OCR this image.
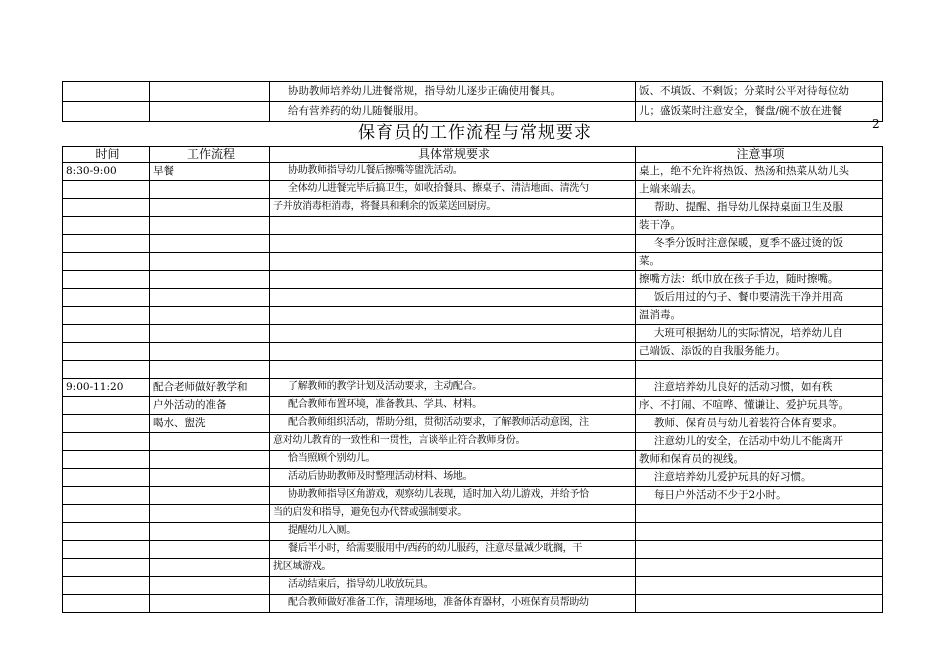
2
		协助教师培养幼儿进餐常规，指导幼儿逐步正确使用餐具。	饭、不填饭、不剩饭；分菜时公平对待每位幼
		给有营养药的幼儿随餐服用。	儿；盛饭菜时注意安全，餐盘/碗不放在进餐
保育员的工作流程与常规要求
时间	工作流程	具体常规要求	注意事项
8:30-9:00	早餐	协助教师指导幼儿餐后擦嘴等盥洗活动。	桌上，绝不允许将热饭、热汤和热菜从幼儿头
		全体幼儿进餐完毕后搞卫生，如收拾餐具、擦桌子、清洁地面、清洗勺	上端来端去。
		子并放消毒柜消毒，将餐具和剩余的饭菜送回厨房。	帮助、提醒、指导幼儿保持桌面卫生及服
			装干净。
			冬季分饭时注意保暖，夏季不盛过烫的饭
			菜。
			擦嘴方法：纸巾放在孩子手边，随时擦嘴。
			饭后用过的勺子、餐巾要清洗干净并用高
			温消毒。
			大班可根据幼儿的实际情况，培养幼儿自
			己端饭、添饭的自我服务能力。

9:00-11:20	配合老师做好教学和	了解教师的教学计划及活动要求，主动配合。	注意培养幼儿良好的活动习惯，如有秩
	户外活动的准备	配合教师布置环境，准备教具、学具、材料。	序、不打闹、不喧哗、懂谦让、爱护玩具等。
	喝水、盥洗	配合教师组织活动，帮助分组，贯彻活动要求，了解教师活动意图，注	教师、保育员与幼儿着装符合体育要求。
		意对幼儿教育的一致性和一贯性，言谈举止符合教师身份。	注意幼儿的安全，在活动中幼儿不能离开
		恰当照顾个别幼儿。	教师和保育员的视线。
		活动后协助教师及时整理活动材料、场地。	注意培养幼儿爱护玩具的好习惯。
		协助教师指导区角游戏，观察幼儿表现，适时加入幼儿游戏，并给予恰	每日户外活动不少于2小时。
		当的启发和指导，避免包办代替或强制要求。	
		提醒幼儿入厕。	
		餐后半小时，给需要服用中/西药的幼儿服药，注意尽量减少耽搁，干	
		扰区域游戏。	
		活动结束后，指导幼儿收放玩具。	
		配合教师做好准备工作，清理场地，准备体育器材，小班保育员帮助幼	
